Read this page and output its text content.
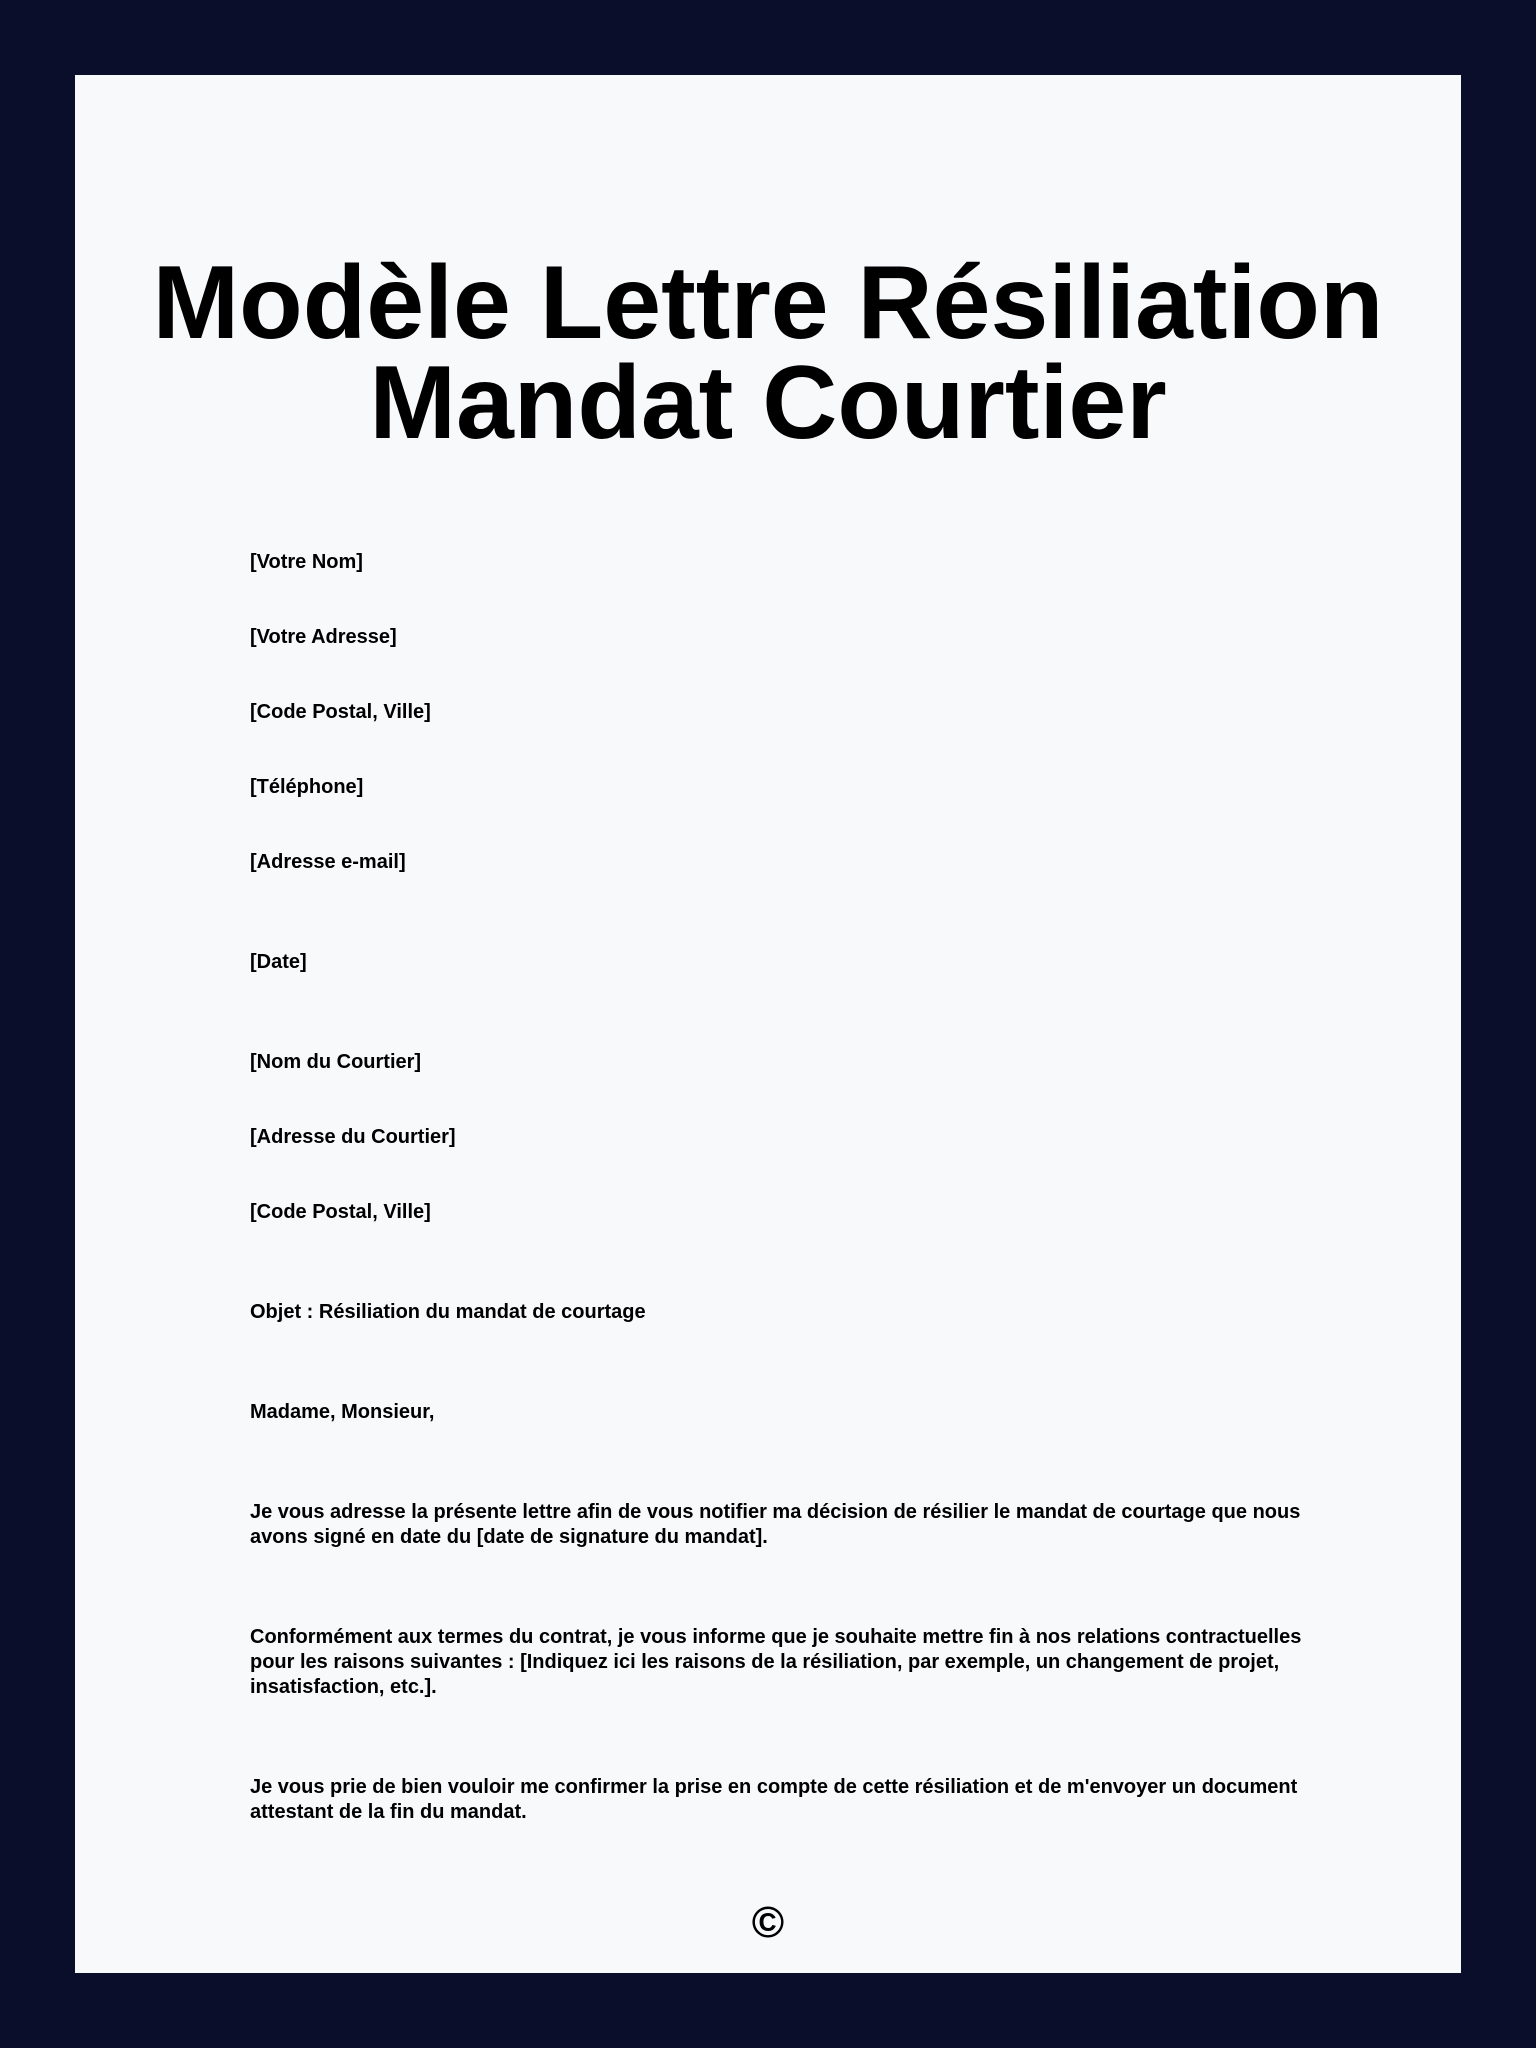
Modèle Lettre Résiliation
Mandat Courtier

[Votre Nom]

[Votre Adresse]

[Code Postal, Ville]

[Téléphone]

[Adresse e-mail]

[Date]

[Nom du Courtier]

[Adresse du Courtier]

[Code Postal, Ville]

Objet : Résiliation du mandat de courtage

Madame, Monsieur,

Je vous adresse la présente lettre afin de vous notifier ma décision de résilier le mandat de courtage que nous avons signé en date du [date de signature du mandat].

Conformément aux termes du contrat, je vous informe que je souhaite mettre fin à nos relations contractuelles pour les raisons suivantes : [Indiquez ici les raisons de la résiliation, par exemple, un changement de projet, insatisfaction, etc.].

Je vous prie de bien vouloir me confirmer la prise en compte de cette résiliation et de m'envoyer un document attestant de la fin du mandat.

©
